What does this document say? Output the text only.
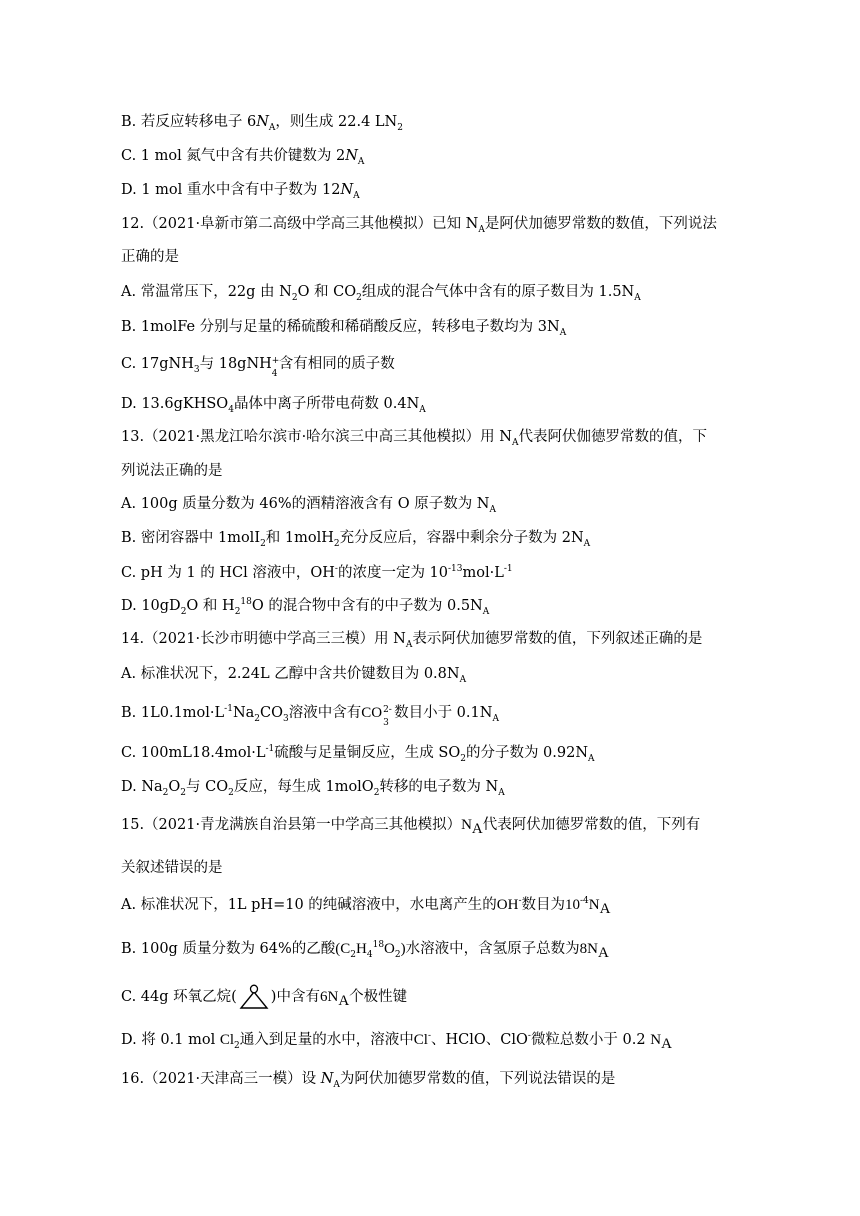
B. 若反应转移电子 $6N_A$，则生成 22.4 $LN_2$
C. 1 mol 氮气中含有共价键数为 $2N_A$
D. 1 mol 重水中含有中子数为 $12N_A$
12.（2021·阜新市第二高级中学高三其他模拟）已知 $N_A$是阿伏加德罗常数的数值，下列说法
正确的是
A. 常温常压下，22g 由 $N_2O$ 和 $CO_2$组成的混合气体中含有的原子数目为 $1.5N_A$
B. 1molFe 分别与足量的稀硫酸和稀硝酸反应，转移电子数均为 $3N_A$
C. 17gNH$_3$与 18gNH +
4
含有相同的质子数
D. 13.6gKHSO$_4$晶体中离子所带电荷数 $0.4N_A$
13.（2021·黑龙江哈尔滨市·哈尔滨三中高三其他模拟）用 $N_A$代表阿伏伽德罗常数的值，下
列说法正确的是
A. 100g 质量分数为 46%的酒精溶液含有 O 原子数为 $N_A$
B. 密闭容器中 1molI$_2$和 1molH$_2$充分反应后，容器中剩余分子数为 $2N_A$
C. pH 为 1 的 HCl 溶液中，OH-的浓度一定为 $10^{-13}mol\cdot L^{-1}$
D. $10gD_2O$ 和 $H_2^{18}O$ 的混合物中含有的中子数为 $0.5N_A$
14.（2021·长沙市明德中学高三三模）用 $N_A$表示阿伏加德罗常数的值，下列叙述正确的是
A. 标准状况下，2.24L 乙醇中含共价键数目为 $0.8N_A$
B. $1L0.1mol\cdot L^{-1}Na_2CO_3$溶液中含有CO 2-
3
数目小于 $0.1N_A$
C. $100mL18.4mol\cdot L^{-1}$硫酸与足量铜反应，生成 $SO_2$的分子数为 $0.92N_A$
D. $Na_2O_2$与 $CO_2$反应，每生成 1molO$_2$转移的电子数为 $N_A$
15.（2021·青龙满族自治县第一中学高三其他模拟）$N_A$代表阿伏加德罗常数的值，下列有
关叙述错误的是
A. 标准状况下，1L pH=10 的纯碱溶液中，水电离产生的OH-数目为$10^{-4}N_A$
B. 100g 质量分数为 64%的乙酸$(C_2H_4^{18}O_2)$水溶液中，含氢原子总数为$8N_A$
C. 44g 环氧乙烷( )中含有$6N_A$个极性键
D. 将 0.1 mol $Cl_2$通入到足量的水中，溶液中Cl-、HClO、ClO-微粒总数小于 0.2 $N_A$
16.（2021·天津高三一模）设 $N_A$为阿伏加德罗常数的值，下列说法错误的是
